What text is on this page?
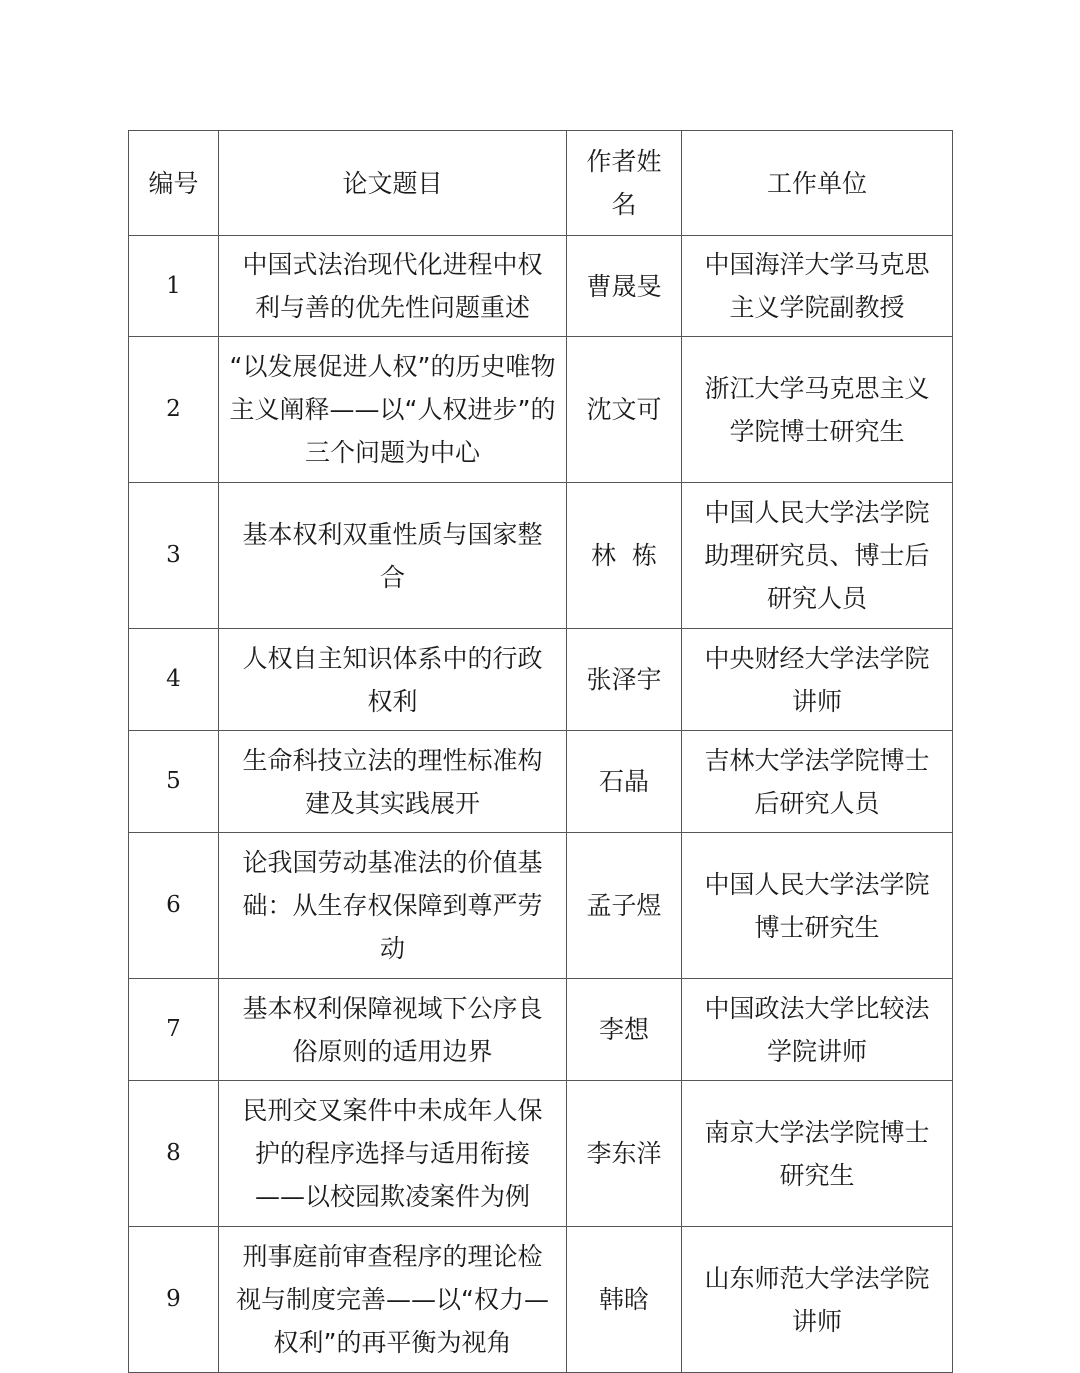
编号	论文题目	作者姓
名	工作单位
1	中国式法治现代化进程中权
利与善的优先性问题重述	曹晟旻	中国海洋大学马克思
主义学院副教授
2	“以发展促进人权”的历史唯物
主义阐释——以“人权进步”的
三个问题为中心	沈文可	浙江大学马克思主义
学院博士研究生
3	基本权利双重性质与国家整
合	林  栋	中国人民大学法学院
助理研究员、博士后
研究人员
4	人权自主知识体系中的行政
权利	张泽宇	中央财经大学法学院
讲师
5	生命科技立法的理性标准构
建及其实践展开	石晶	吉林大学法学院博士
后研究人员
6	论我国劳动基准法的价值基
础：从生存权保障到尊严劳
动	孟子煜	中国人民大学法学院
博士研究生
7	基本权利保障视域下公序良
俗原则的适用边界	李想	中国政法大学比较法
学院讲师
8	民刑交叉案件中未成年人保
护的程序选择与适用衔接
——以校园欺凌案件为例	李东洋	南京大学法学院博士
研究生
9	刑事庭前审查程序的理论检
视与制度完善——以“权力—
权利”的再平衡为视角	韩晗	山东师范大学法学院
讲师
